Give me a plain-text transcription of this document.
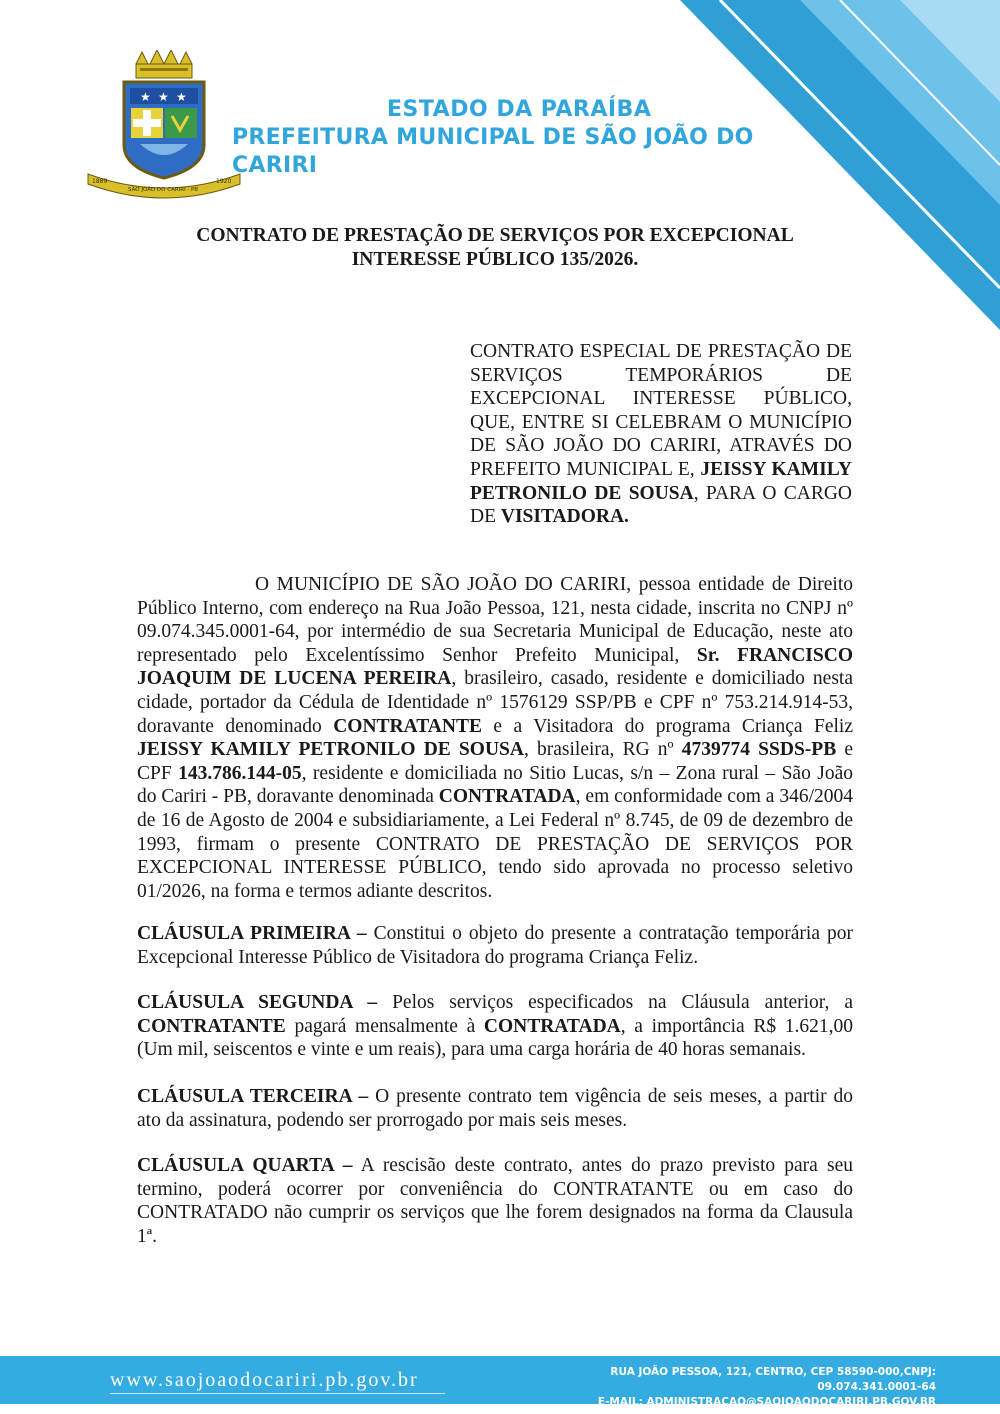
★ ★ ★
1889
SÃO JOÃO DO CARIRI · PB
1920
ESTADO DA PARAÍBA
PREFEITURA MUNICIPAL DE SÃO JOÃO DO CARIRI
CONTRATO DE PRESTAÇÃO DE SERVIÇOS POR EXCEPCIONAL
INTERESSE PÚBLICO 135/2026.
CONTRATO ESPECIAL DE PRESTAÇÃO DE SERVIÇOS TEMPORÁRIOS DE EXCEPCIONAL INTERESSE PÚBLICO, QUE, ENTRE SI CELEBRAM O MUNICÍPIO DE SÃO JOÃO DO CARIRI, ATRAVÉS DO PREFEITO MUNICIPAL E, JEISSY KAMILY PETRONILO DE SOUSA, PARA O CARGO DE VISITADORA.
O MUNICÍPIO DE SÃO JOÃO DO CARIRI, pessoa entidade de Direito Público Interno, com endereço na Rua João Pessoa, 121, nesta cidade, inscrita no CNPJ nº 09.074.345.0001-64, por intermédio de sua Secretaria Municipal de Educação, neste ato representado pelo Excelentíssimo Senhor Prefeito Municipal, Sr. FRANCISCO JOAQUIM DE LUCENA PEREIRA, brasileiro, casado, residente e domiciliado nesta cidade, portador da Cédula de Identidade nº 1576129 SSP/PB e CPF nº 753.214.914-53, doravante denominado CONTRATANTE e a Visitadora do programa Criança Feliz JEISSY KAMILY PETRONILO DE SOUSA, brasileira, RG nº 4739774 SSDS-PB e CPF 143.786.144-05, residente e domiciliada no Sitio Lucas, s/n – Zona rural – São João do Cariri - PB, doravante denominada CONTRATADA, em conformidade com a 346/2004 de 16 de Agosto de 2004 e subsidiariamente, a Lei Federal nº 8.745, de 09 de dezembro de 1993, firmam o presente CONTRATO DE PRESTAÇÃO DE SERVIÇOS POR EXCEPCIONAL INTERESSE PÚBLICO, tendo sido aprovada no processo seletivo 01/2026, na forma e termos adiante descritos.
CLÁUSULA PRIMEIRA – Constitui o objeto do presente a contratação temporária por Excepcional Interesse Público de Visitadora do programa Criança Feliz.
CLÁUSULA SEGUNDA – Pelos serviços especificados na Cláusula anterior, a CONTRATANTE pagará mensalmente à CONTRATADA, a importância R$ 1.621,00 (Um mil, seiscentos e vinte e um reais), para uma carga horária de 40 horas semanais.
CLÁUSULA TERCEIRA – O presente contrato tem vigência de seis meses, a partir do ato da assinatura, podendo ser prorrogado por mais seis meses.
CLÁUSULA QUARTA – A rescisão deste contrato, antes do prazo previsto para seu termino, poderá ocorrer por conveniência do CONTRATANTE ou em caso do CONTRATADO não cumprir os serviços que lhe forem designados na forma da Clausula 1ª.
www.saojoaodocariri.pb.gov.br	RUA JOÃO PESSOA, 121, CENTRO, CEP 58590-000,CNPJ: 09.074.341.0001-64
E-MAIL: ADMINISTRACAO@SAOJOAODOCARIRI.PB.GOV.BR
